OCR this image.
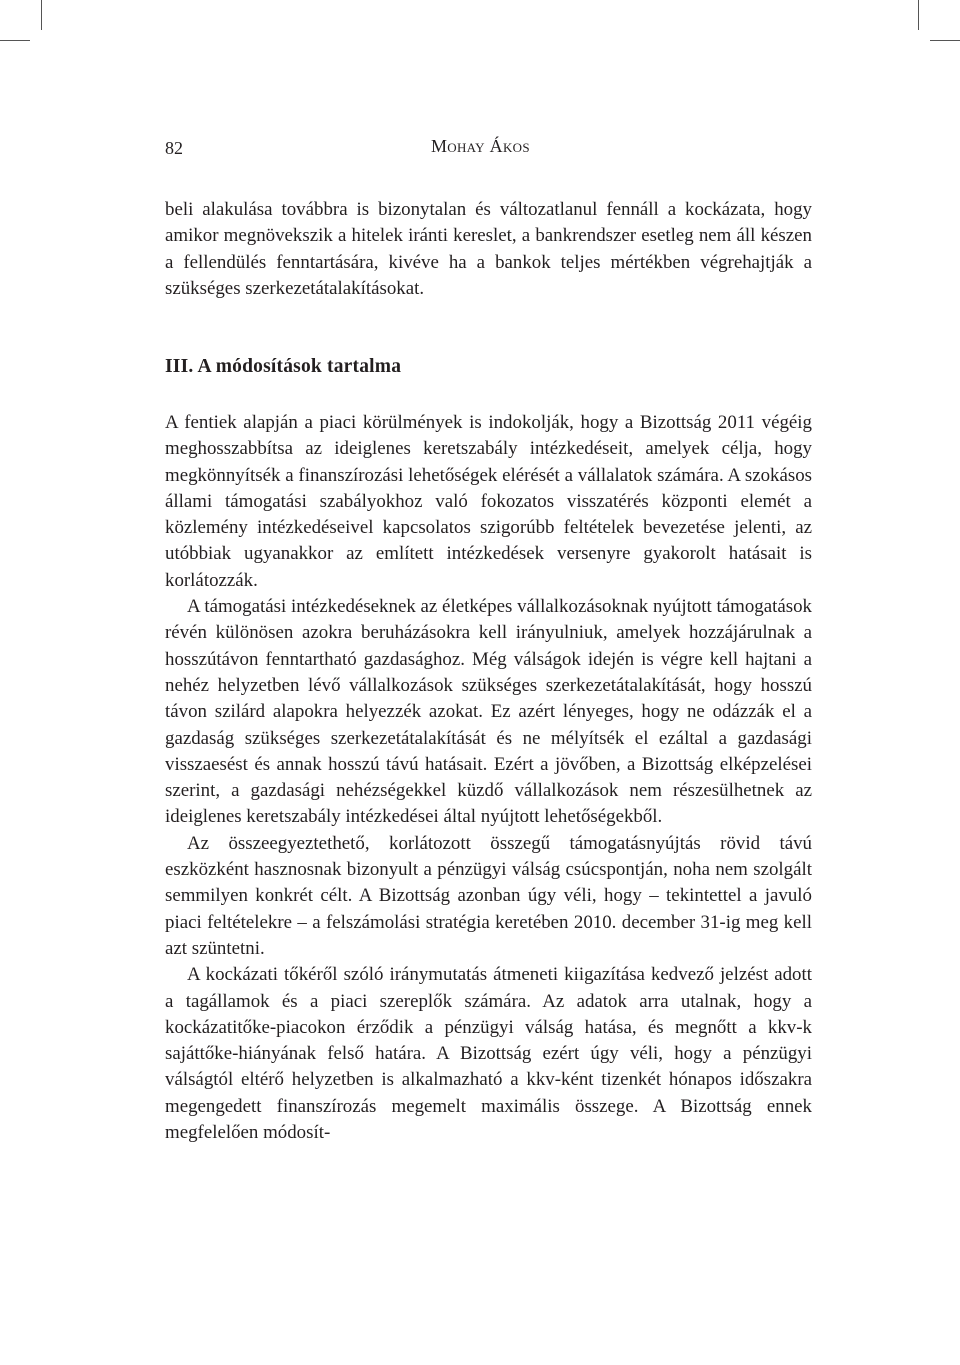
82	Mohay Ákos

beli alakulása továbbra is bizonytalan és változatlanul fennáll a kockázata, hogy amikor megnövekszik a hitelek iránti kereslet, a bankrendszer esetleg nem áll készen a fellendülés fenntartására, kivéve ha a bankok teljes mértékben végrehajtják a szükséges szerkezetátalakításokat.

III. A módosítások tartalma

A fentiek alapján a piaci körülmények is indokolják, hogy a Bizottság 2011 végéig meghosszabbítsa az ideiglenes keretszabály intézkedéseit, amelyek célja, hogy megkönnyítsék a finanszírozási lehetőségek elérését a vállalatok számára. A szokásos állami támogatási szabályokhoz való fokozatos visszatérés központi elemét a közlemény intézkedéseivel kapcsolatos szigorúbb feltételek bevezetése jelenti, az utóbbiak ugyanakkor az említett intézkedések versenyre gyakorolt hatásait is korlátozzák.

A támogatási intézkedéseknek az életképes vállalkozásoknak nyújtott támogatások révén különösen azokra beruházásokra kell irányulniuk, amelyek hozzájárulnak a hosszútávon fenntartható gazdasághoz. Még válságok idején is végre kell hajtani a nehéz helyzetben lévő vállalkozások szükséges szerkezetátalakítását, hogy hosszú távon szilárd alapokra helyezzék azokat. Ez azért lényeges, hogy ne odázzák el a gazdaság szükséges szerkezetátalakítását és ne mélyítsék el ezáltal a gazdasági visszaesést és annak hosszú távú hatásait. Ezért a jövőben, a Bizottság elképzelései szerint, a gazdasági nehézségekkel küzdő vállalkozások nem részesülhetnek az ideiglenes keretszabály intézkedései által nyújtott lehetőségekből.

Az összeegyeztethető, korlátozott összegű támogatásnyújtás rövid távú eszközként hasznosnak bizonyult a pénzügyi válság csúcspontján, noha nem szolgált semmilyen konkrét célt. A Bizottság azonban úgy véli, hogy – tekintettel a javuló piaci feltételekre – a felszámolási stratégia keretében 2010. december 31-ig meg kell azt szüntetni.

A kockázati tőkéről szóló iránymutatás átmeneti kiigazítása kedvező jelzést adott a tagállamok és a piaci szereplők számára. Az adatok arra utalnak, hogy a kockázatitőke-piacokon érződik a pénzügyi válság hatása, és megnőtt a kkv-k sajáttőke-hiányának felső határa. A Bizottság ezért úgy véli, hogy a pénzügyi válságtól eltérő helyzetben is alkalmazható a kkv-ként tizenkét hónapos időszakra megengedett finanszírozás megemelt maximális összege. A Bizottság ennek megfelelően módosít-
